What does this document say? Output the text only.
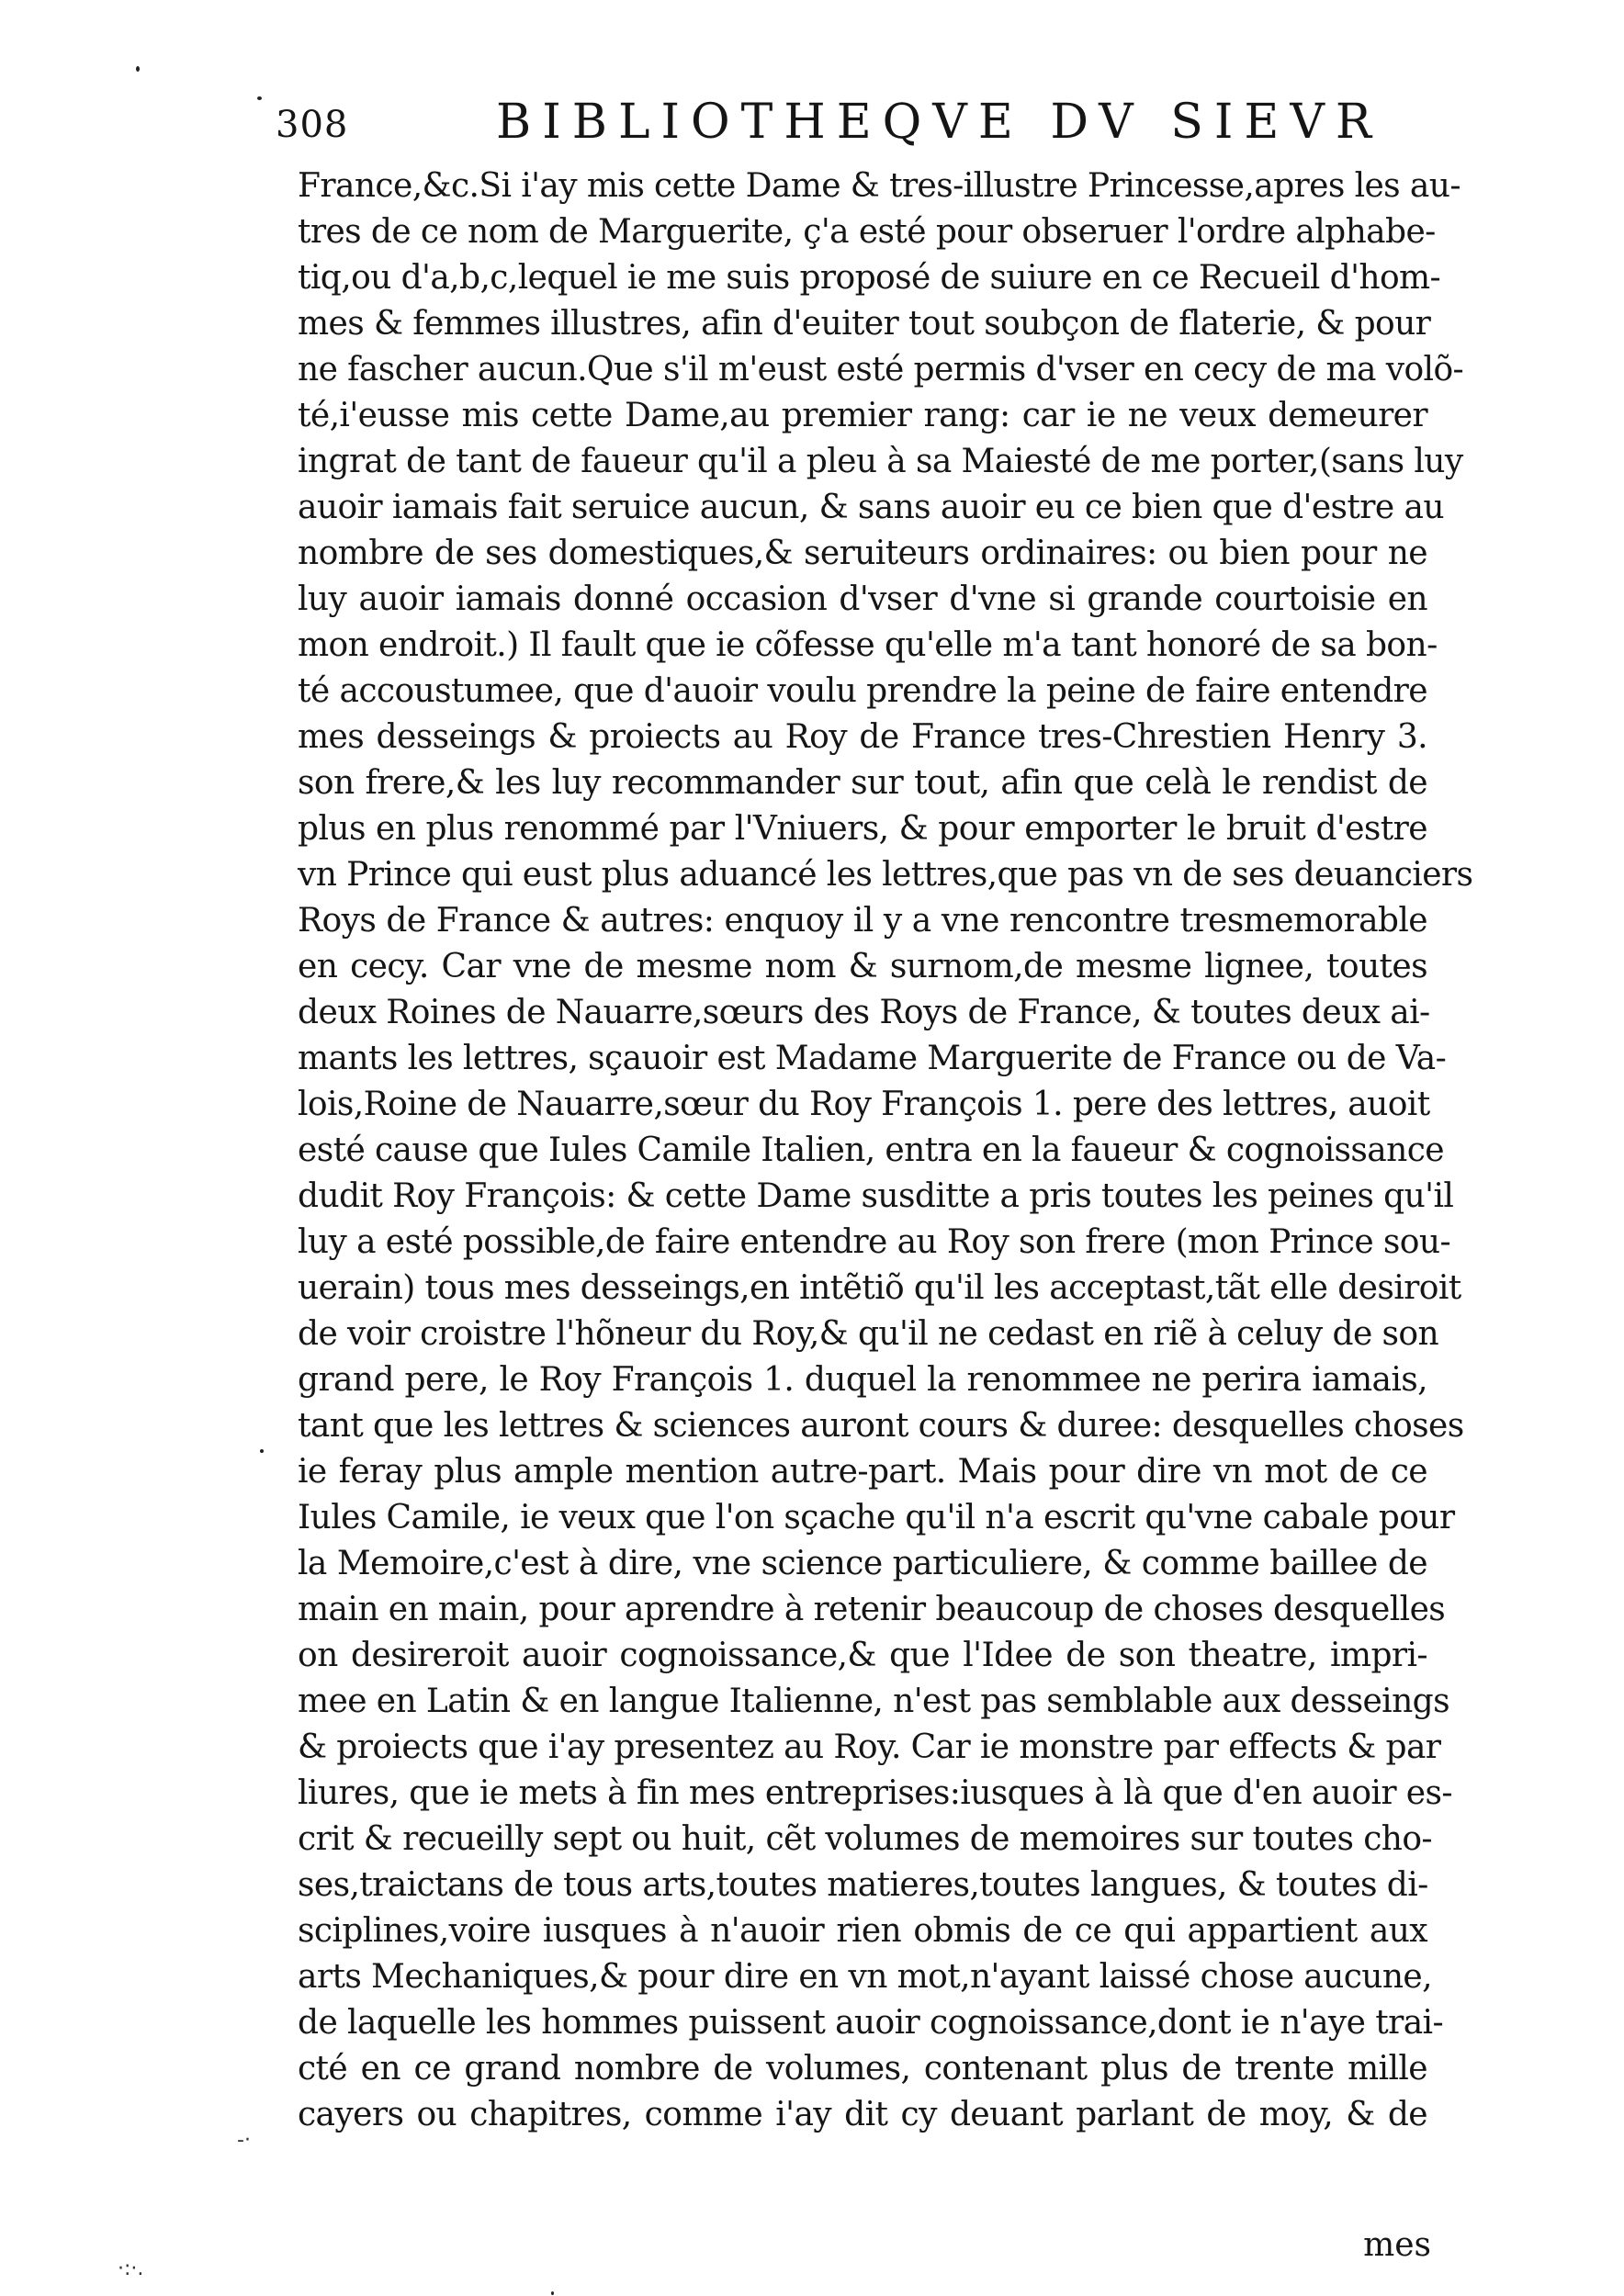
308	BIBLIOTHEQVE DV SIEVR
France,&c.Si i'ay mis cette Dame & tres-illustre Princesse,apres les au-
tres de ce nom de Marguerite, ç'a esté pour obseruer l'ordre alphabe-
tiq,ou d'a,b,c,lequel ie me suis proposé de suiure en ce Recueil d'hom-
mes & femmes illustres, afin d'euiter tout soubçon de flaterie, & pour
ne fascher aucun.Que s'il m'eust esté permis d'vser en cecy de ma volõ-
té,i'eusse mis cette Dame,au premier rang: car ie ne veux demeurer
ingrat de tant de faueur qu'il a pleu à sa Maiesté de me porter,(sans luy
auoir iamais fait seruice aucun, & sans auoir eu ce bien que d'estre au
nombre de ses domestiques,& seruiteurs ordinaires: ou bien pour ne
luy auoir iamais donné occasion d'vser d'vne si grande courtoisie en
mon endroit.) Il fault que ie cõfesse qu'elle m'a tant honoré de sa bon-
té accoustumee, que d'auoir voulu prendre la peine de faire entendre
mes desseings & proiects au Roy de France tres-Chrestien Henry 3.
son frere,& les luy recommander sur tout, afin que celà le rendist de
plus en plus renommé par l'Vniuers, & pour emporter le bruit d'estre
vn Prince qui eust plus aduancé les lettres,que pas vn de ses deuanciers
Roys de France & autres: enquoy il y a vne rencontre tresmemorable
en cecy. Car vne de mesme nom & surnom,de mesme lignee, toutes
deux Roines de Nauarre,sœurs des Roys de France, & toutes deux ai-
mants les lettres, sçauoir est Madame Marguerite de France ou de Va-
lois,Roine de Nauarre,sœur du Roy François 1. pere des lettres, auoit
esté cause que Iules Camile Italien, entra en la faueur & cognoissance
dudit Roy François: & cette Dame susditte a pris toutes les peines qu'il
luy a esté possible,de faire entendre au Roy son frere (mon Prince sou-
uerain) tous mes desseings,en intẽtiõ qu'il les acceptast,tãt elle desiroit
de voir croistre l'hõneur du Roy,& qu'il ne cedast en riẽ à celuy de son
grand pere, le Roy François 1. duquel la renommee ne perira iamais,
tant que les lettres & sciences auront cours & duree: desquelles choses
ie feray plus ample mention autre-part. Mais pour dire vn mot de ce
Iules Camile, ie veux que l'on sçache qu'il n'a escrit qu'vne cabale pour
la Memoire,c'est à dire, vne science particuliere, & comme baillee de
main en main, pour aprendre à retenir beaucoup de choses desquelles
on desireroit auoir cognoissance,& que l'Idee de son theatre, impri-
mee en Latin & en langue Italienne, n'est pas semblable aux desseings
& proiects que i'ay presentez au Roy. Car ie monstre par effects & par
liures, que ie mets à fin mes entreprises:iusques à là que d'en auoir es-
crit & recueilly sept ou huit, cẽt volumes de memoires sur toutes cho-
ses,traictans de tous arts,toutes matieres,toutes langues, & toutes di-
sciplines,voire iusques à n'auoir rien obmis de ce qui appartient aux
arts Mechaniques,& pour dire en vn mot,n'ayant laissé chose aucune,
de laquelle les hommes puissent auoir cognoissance,dont ie n'aye trai-
cté en ce grand nombre de volumes, contenant plus de trente mille
cayers ou chapitres, comme i'ay dit cy deuant parlant de moy, & de
mes
-·
·:·.
